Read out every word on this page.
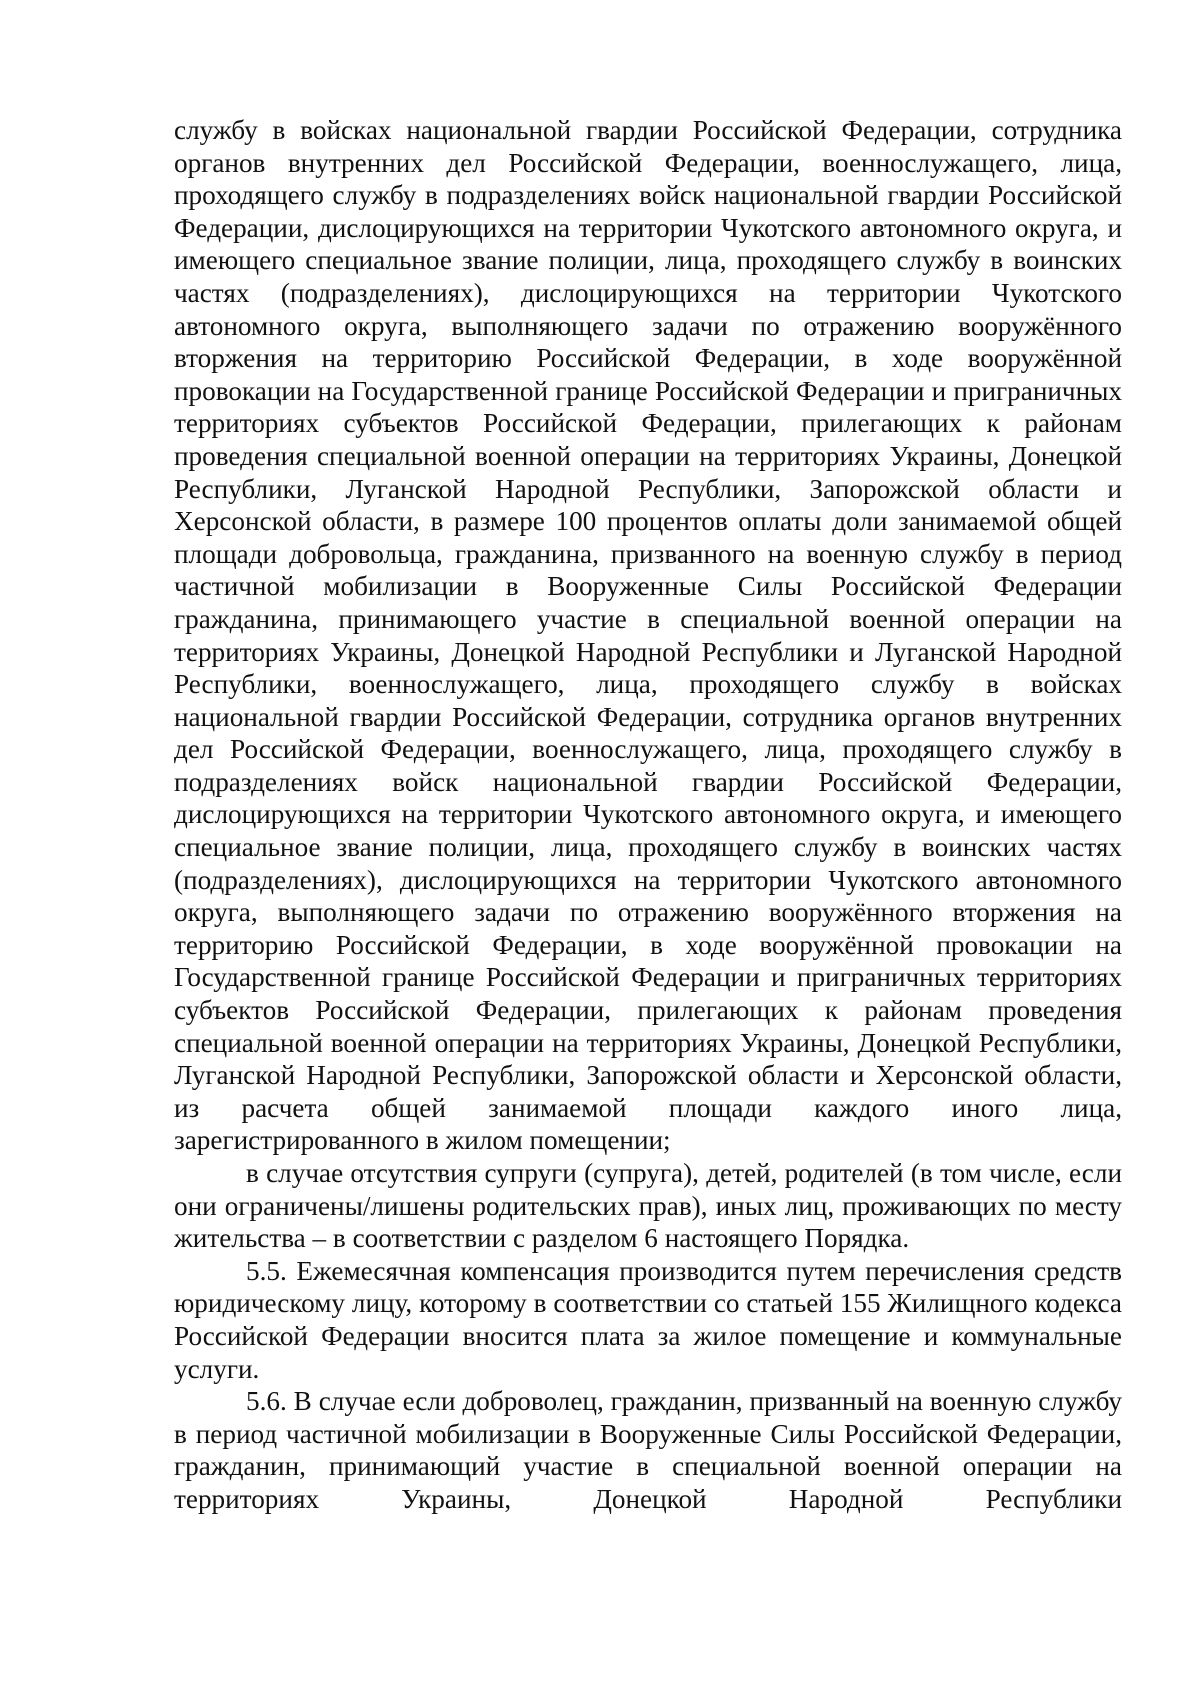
службу в войсках национальной гвардии Российской Федерации, сотрудника органов внутренних дел Российской Федерации, военнослужащего, лица, проходящего службу в подразделениях войск национальной гвардии Российской Федерации, дислоцирующихся на территории Чукотского автономного округа, и имеющего специальное звание полиции, лица, проходящего службу в воинских частях (подразделениях), дислоцирующихся на территории Чукотского автономного округа, выполняющего задачи по отражению вооружённого вторжения на территорию Российской Федерации, в ходе вооружённой провокации на Государственной границе Российской Федерации и приграничных территориях субъектов Российской Федерации, прилегающих к районам проведения специальной военной операции на территориях Украины, Донецкой Республики, Луганской Народной Республики, Запорожской области и Херсонской области, в размере 100 процентов оплаты доли занимаемой общей площади добровольца, гражданина, призванного на военную службу в период частичной мобилизации в Вооруженные Силы Российской Федерации гражданина, принимающего участие в специальной военной операции на территориях Украины, Донецкой Народной Республики и Луганской Народной Республики, военнослужащего, лица, проходящего службу в войсках национальной гвардии Российской Федерации, сотрудника органов внутренних дел Российской Федерации, военнослужащего, лица, проходящего службу в подразделениях войск национальной гвардии Российской Федерации, дислоцирующихся на территории Чукотского автономного округа, и имеющего специальное звание полиции, лица, проходящего службу в воинских частях (подразделениях), дислоцирующихся на территории Чукотского автономного округа, выполняющего задачи по отражению вооружённого вторжения на территорию Российской Федерации, в ходе вооружённой провокации на Государственной границе Российской Федерации и приграничных территориях субъектов Российской Федерации, прилегающих к районам проведения специальной военной операции на территориях Украины, Донецкой Республики, Луганской Народной Республики, Запорожской области и Херсонской области, из расчета общей занимаемой площади каждого иного лица, зарегистрированного в жилом помещении;

в случае отсутствия супруги (супруга), детей, родителей (в том числе, если они ограничены/лишены родительских прав), иных лиц, проживающих по месту жительства – в соответствии с разделом 6 настоящего Порядка.

5.5. Ежемесячная компенсация производится путем перечисления средств юридическому лицу, которому в соответствии со статьей 155 Жилищного кодекса Российской Федерации вносится плата за жилое помещение и коммунальные услуги.

5.6. В случае если доброволец, гражданин, призванный на военную службу в период частичной мобилизации в Вооруженные Силы Российской Федерации, гражданин, принимающий участие в специальной военной операции на территориях Украины, Донецкой Народной Республики
